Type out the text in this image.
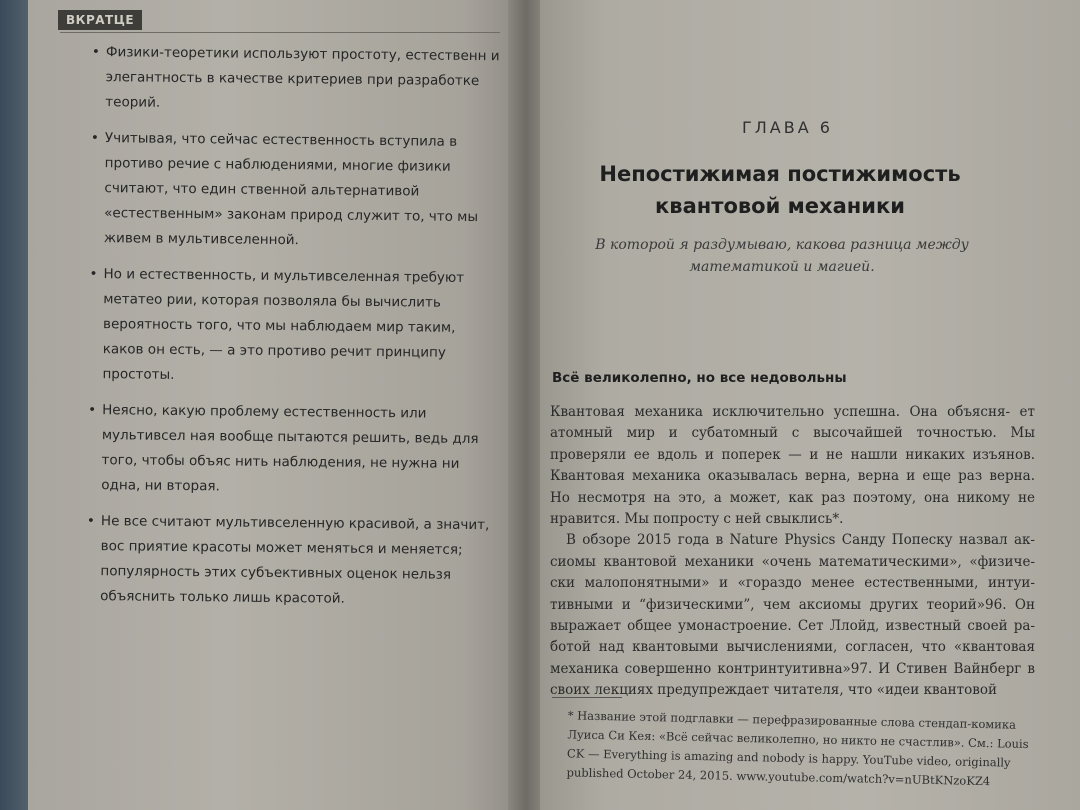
ВКРАТЦЕ
• Физики-теоретики используют простоту, естественн и элегантность в качестве критериев при разработке теорий.
• Учитывая, что сейчас естественность вступила в противо речие с наблюдениями, многие физики считают, что един ственной альтернативой «естественным» законам природ служит то, что мы живем в мультивселенной.
• Но и естественность, и мультивселенная требуют метатео рии, которая позволяла бы вычислить вероятность того, что мы наблюдаем мир таким, каков он есть, — а это противо речит принципу простоты.
• Неясно, какую проблему естественность или мультивсел ная вообще пытаются решить, ведь для того, чтобы объяс нить наблюдения, не нужна ни одна, ни вторая.
• Не все считают мультивселенную красивой, а значит, вос приятие красоты может меняться и меняется; популярность этих субъективных оценок нельзя объяснить только лишь красотой.
ГЛАВА 6
Непостижимая постижимость квантовой механики
В которой я раздумываю, какова разница между математикой и магией.
Всё великолепно, но все недовольны

Квантовая механика исключительно успешна. Она объясня- ет атомный мир и субатомный с высочайшей точностью. Мы проверяли ее вдоль и поперек — и не нашли никаких изъянов. Квантовая механика оказывалась верна, верна и еще раз верна. Но несмотря на это, а может, как раз поэтому, она никому не нравится. Мы попросту с ней свыклись*.

В обзоре 2015 года в Nature Physics Санду Попеску назвал ак- сиомы квантовой механики «очень математическими», «физиче- ски малопонятными» и «гораздо менее естественными, интуи- тивными и “физическими”, чем аксиомы других теорий»96. Он выражает общее умонастроение. Сет Ллойд, известный своей ра- ботой над квантовыми вычислениями, согласен, что «квантовая механика совершенно контринтуитивна»97. И Стивен Вайнберг в своих лекциях предупреждает читателя, что «идеи квантовой

* Название этой подглавки — перефразированные слова стендап-комика Луиса Си Кея: «Всё сейчас великолепно, но никто не счастлив». См.: Louis CK — Everything is amazing and nobody is happy. YouTube video, originally published October 24, 2015. www.youtube.com/watch?v=nUBtKNzoKZ4
